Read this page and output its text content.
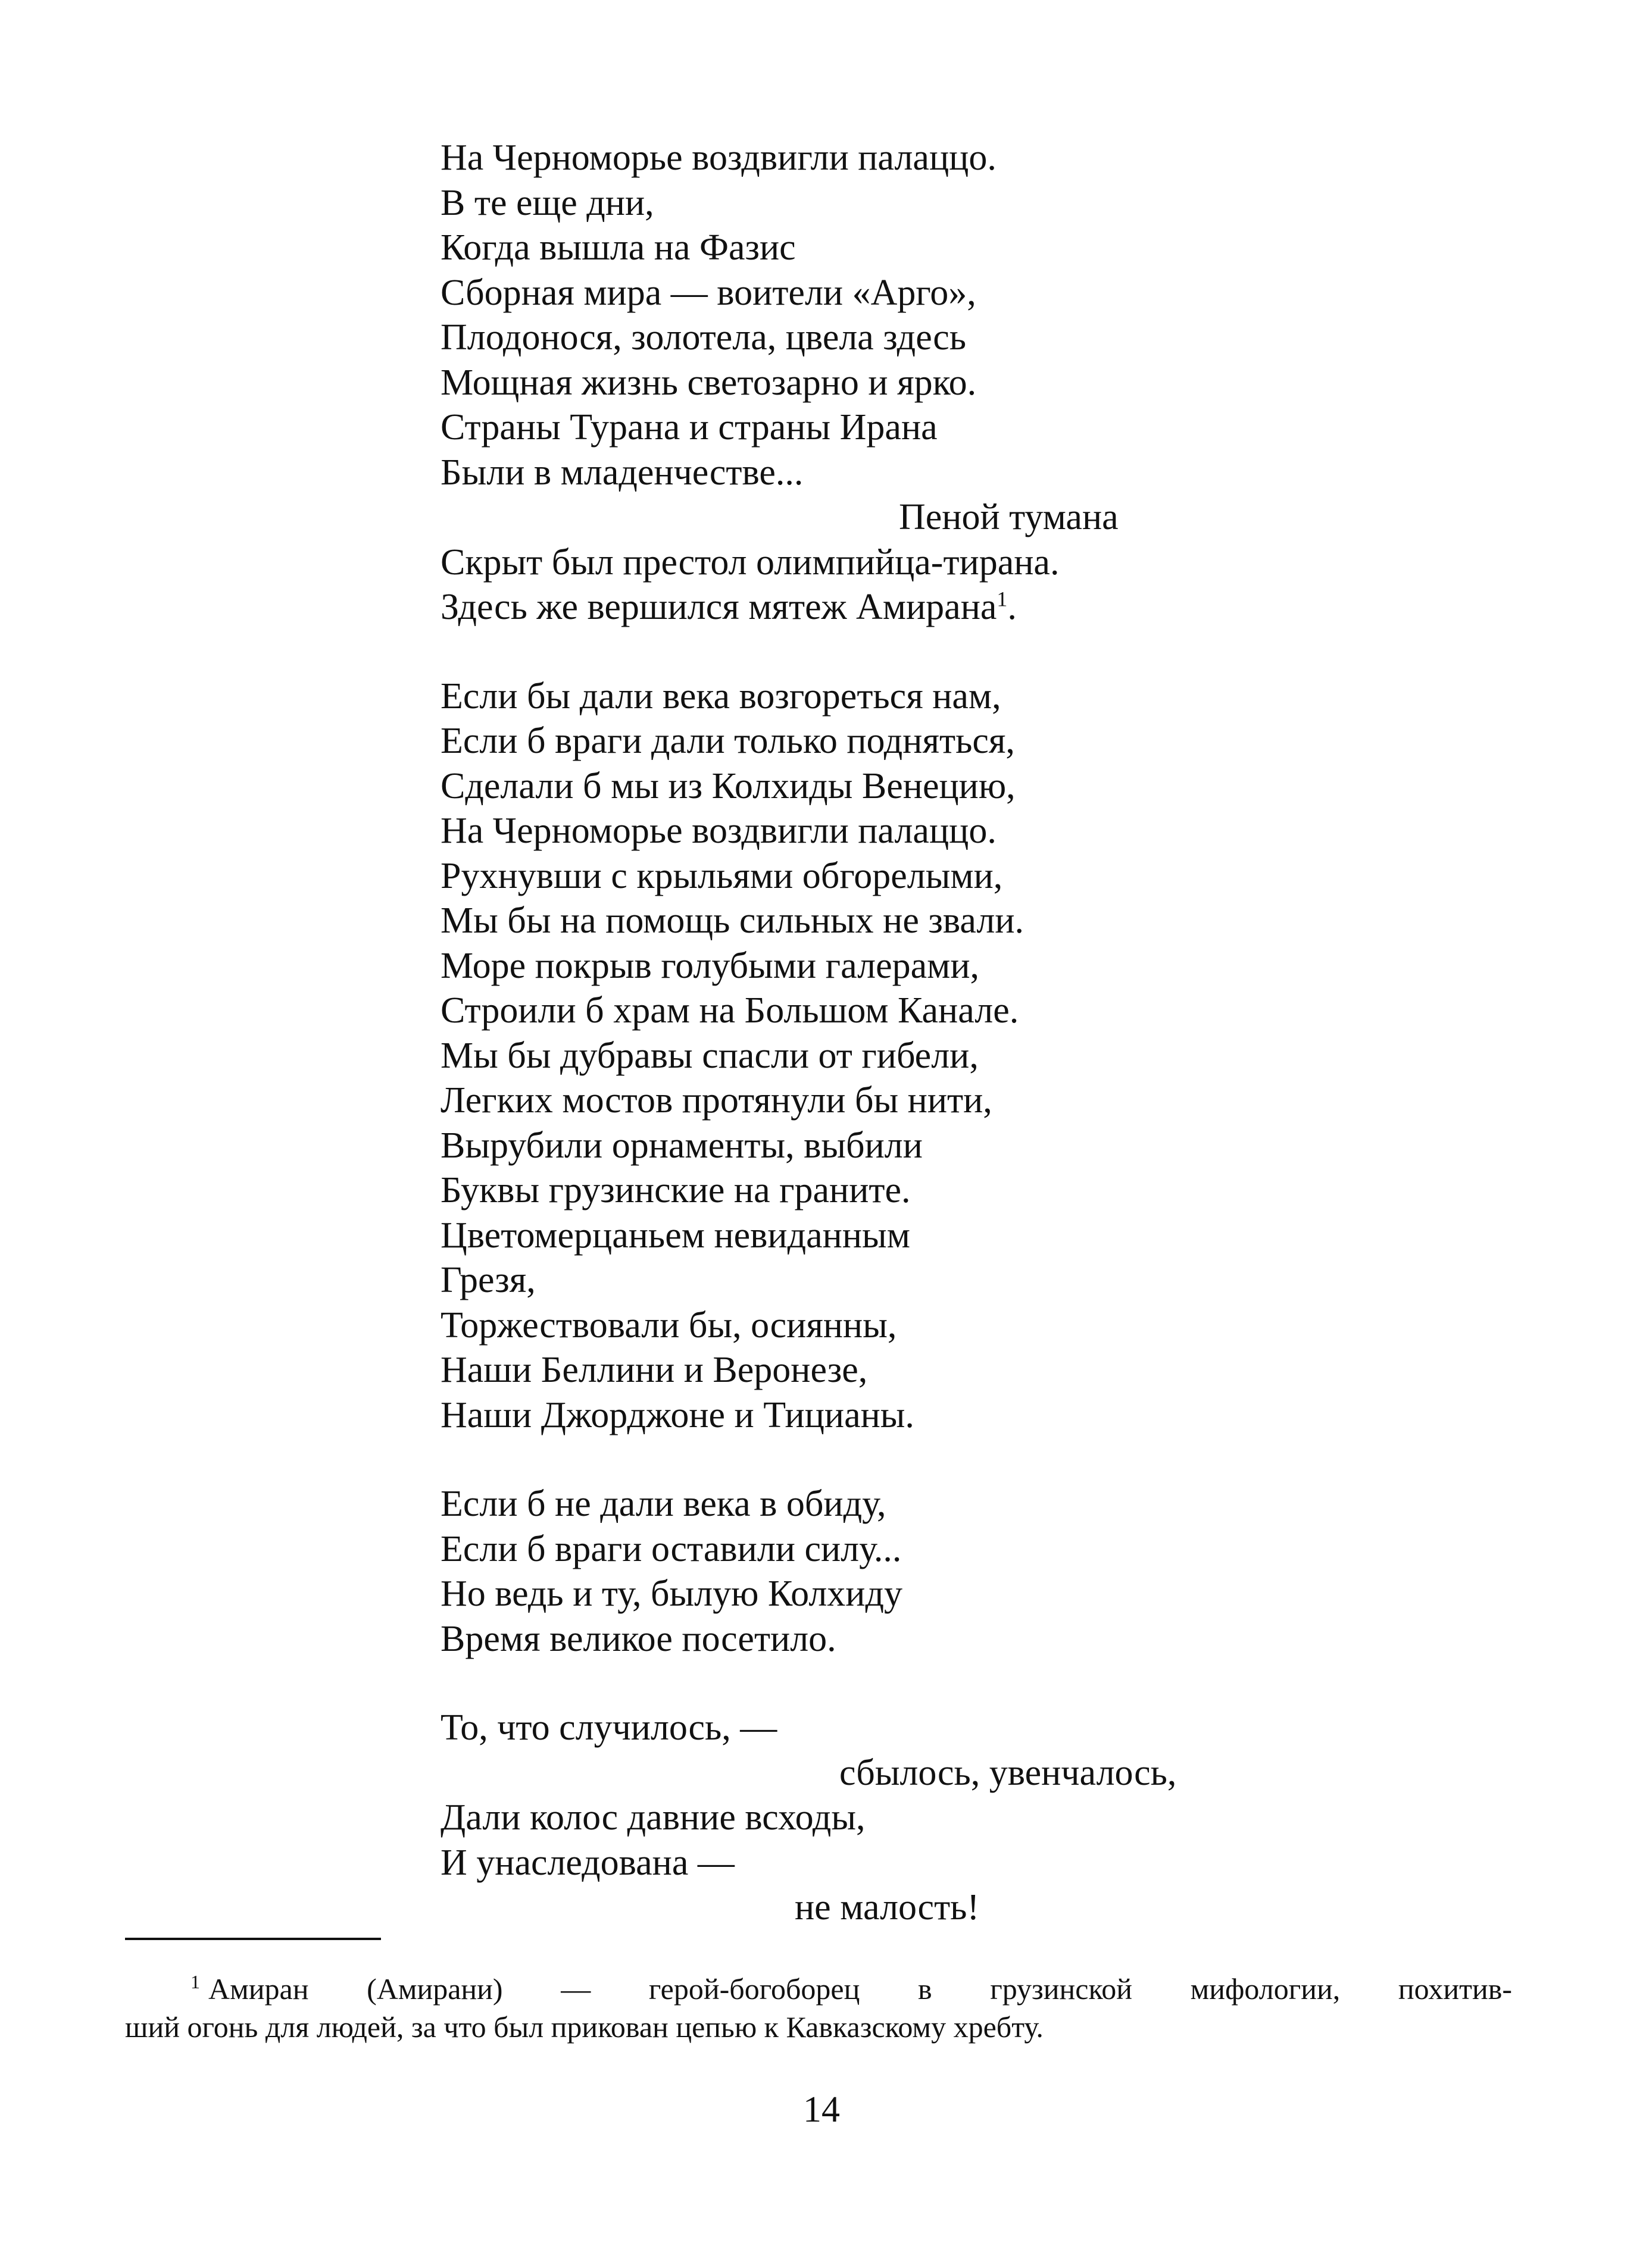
На Черноморье воздвигли палаццо.
В те еще дни,
Когда вышла на Фазис
Сборная мира — воители «Арго»,
Плодонося, золотела, цвела здесь
Мощная жизнь светозарно и ярко.
Страны Турана и страны Ирана
Были в младенчестве...
Пеной тумана
Скрыт был престол олимпийца-тирана.
Здесь же вершился мятеж Амирана$^1$.
Если бы дали века возгореться нам,
Если б враги дали только подняться,
Сделали б мы из Колхиды Венецию,
На Черноморье воздвигли палаццо.
Рухнувши с крыльями обгорелыми,
Мы бы на помощь сильных не звали.
Море покрыв голубыми галерами,
Строили б храм на Большом Канале.
Мы бы дубравы спасли от гибели,
Легких мостов протянули бы нити,
Вырубили орнаменты, выбили
Буквы грузинские на граните.
Цветомерцаньем невиданным
Грезя,
Торжествовали бы, осиянны,
Наши Беллини и Веронезе,
Наши Джорджоне и Тицианы.
Если б не дали века в обиду,
Если б враги оставили силу...
Но ведь и ту, былую Колхиду
Время великое посетило.
То, что случилось, —
сбылось, увенчалось,
Дали колос давние всходы,
И унаследована —
не малость!
$^1$ Амиран (Амирани) — герой-богоборец в грузинской мифологии, похитив-
ший огонь для людей, за что был прикован цепью к Кавказскому хребту.
14
